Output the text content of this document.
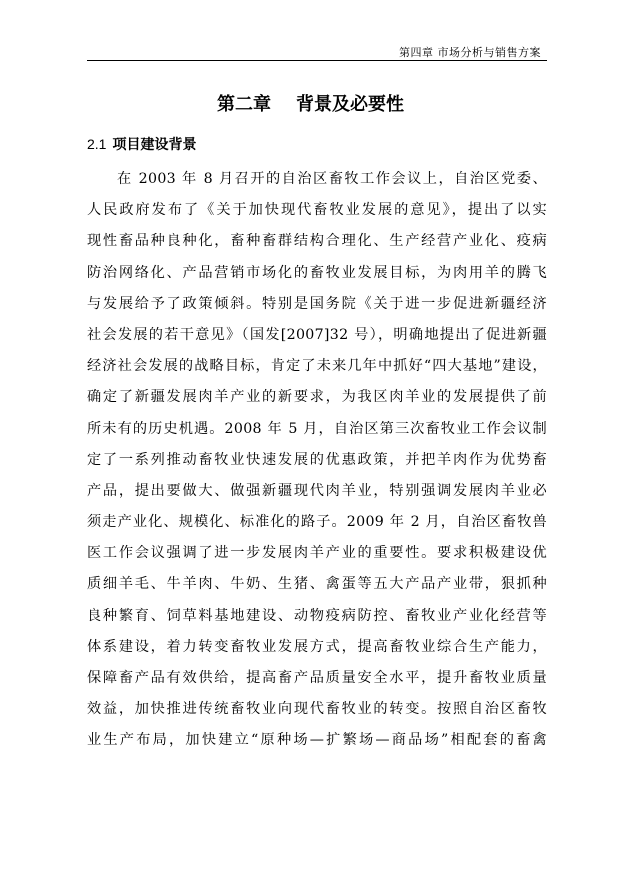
第四章 市场分析与销售方案
第二章    背景及必要性
2.1 项目建设背景
在 2003 年 8 月召开的自治区畜牧工作会议上，自治区党委、
人民政府发布了《关于加快现代畜牧业发展的意见》，提出了以实
现性畜品种良种化，畜种畜群结构合理化、生产经营产业化、疫病
防治网络化、产品营销市场化的畜牧业发展目标，为肉用羊的腾飞
与发展给予了政策倾斜。特别是国务院《关于进一步促进新疆经济
社会发展的若干意见》（国发[2007]32 号），明确地提出了促进新疆
经济社会发展的战略目标，肯定了未来几年中抓好“四大基地”建设，
确定了新疆发展肉羊产业的新要求，为我区肉羊业的发展提供了前
所未有的历史机遇。2008 年 5 月，自治区第三次畜牧业工作会议制
定了一系列推动畜牧业快速发展的优惠政策，并把羊肉作为优势畜
产品，提出要做大、做强新疆现代肉羊业，特别强调发展肉羊业必
须走产业化、规模化、标准化的路子。2009 年 2 月，自治区畜牧兽
医工作会议强调了进一步发展肉羊产业的重要性。要求积极建设优
质细羊毛、牛羊肉、牛奶、生猪、禽蛋等五大产品产业带，狠抓种
良种繁育、饲草料基地建设、动物疫病防控、畜牧业产业化经营等
体系建设，着力转变畜牧业发展方式，提高畜牧业综合生产能力，
保障畜产品有效供给，提高畜产品质量安全水平，提升畜牧业质量
效益，加快推进传统畜牧业向现代畜牧业的转变。按照自治区畜牧
业生产布局，加快建立“原种场—扩繁场—商品场”相配套的畜禽
